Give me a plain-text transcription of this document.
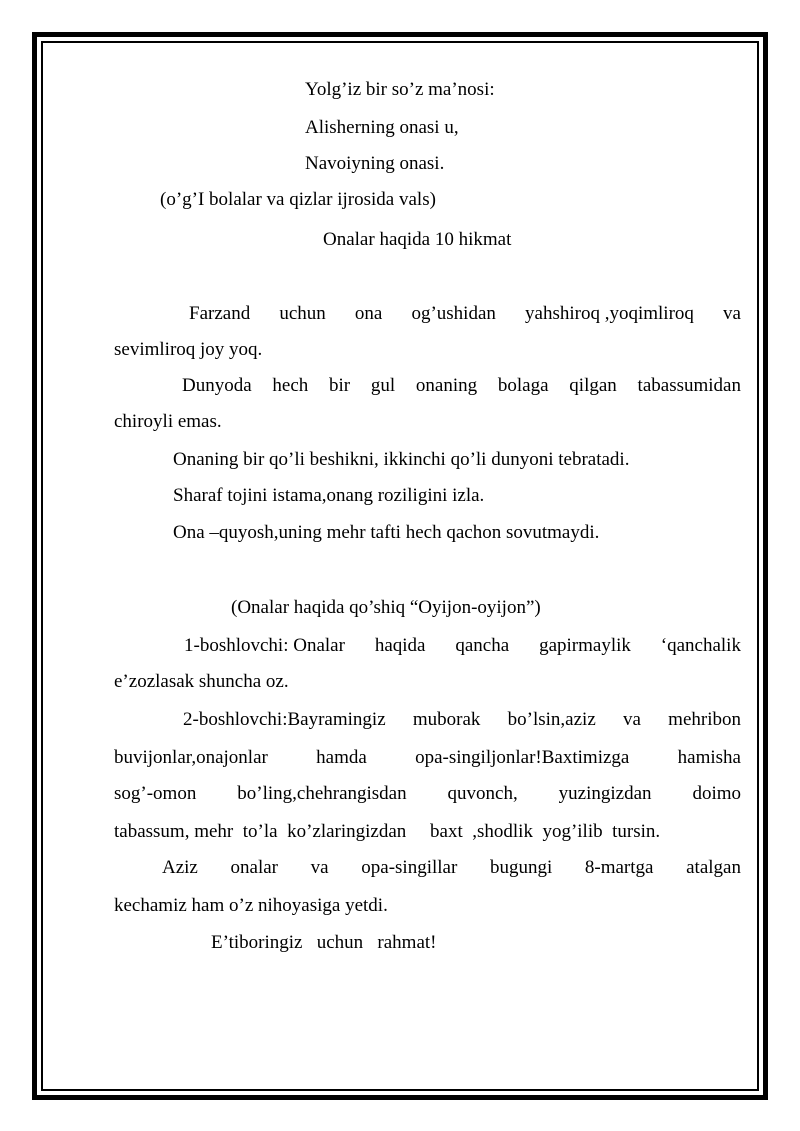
Yolg’iz bir so’z ma’nosi:
Alisherning onasi u,
Navoiyning onasi.
(o’g’I bolalar va qizlar ijrosida vals)
Onalar haqida 10 hikmat
Farzand uchun ona og’ushidan yahshiroq ,yoqimliroq va
sevimliroq joy yoq.
Dunyoda hech bir gul onaning bolaga qilgan tabassumidan
chiroyli emas.
Onaning bir qo’li beshikni, ikkinchi qo’li dunyoni tebratadi.
Sharaf tojini istama,onang roziligini izla.
Ona –quyosh,uning mehr tafti hech qachon sovutmaydi.
(Onalar haqida qo’shiq “Oyijon-oyijon”)
1-boshlovchi: Onalar haqida qancha gapirmaylik ‘qanchalik
e’zozlasak shuncha oz.
2-boshlovchi:Bayramingiz muborak bo’lsin,aziz va mehribon
buvijonlar,onajonlar	hamda	opa-singiljonlar!Baxtimizga	hamisha
sog’-omon bo’ling,chehrangisdan quvonch, yuzingizdan doimo
tabassum, mehr  to’la  ko’zlaringizdan     baxt  ,shodlik  yog’ilib  tursin.
Aziz onalar va opa-singillar bugungi 8-martga atalgan
kechamiz ham o’z nihoyasiga yetdi.
E’tiboringiz   uchun   rahmat!
